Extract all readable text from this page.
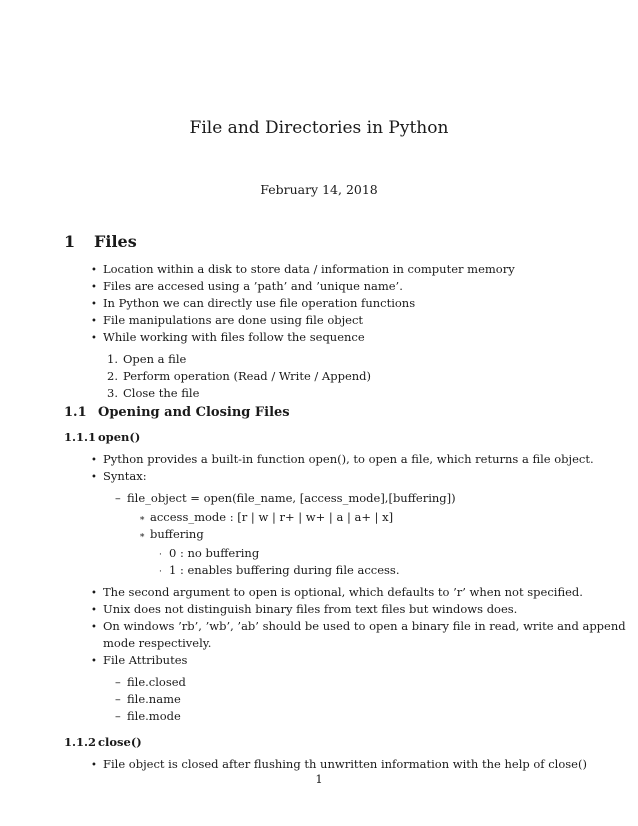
File and Directories in Python
February 14, 2018
1 Files
• Location within a disk to store data / information in computer memory
• Files are accesed using a ’path’ and ’unique name’.
• In Python we can directly use file operation functions
• File manipulations are done using file object
• While working with files follow the sequence
1. Open a file
2. Perform operation (Read / Write / Append)
3. Close the file
1.1 Opening and Closing Files
1.1.1 open()
• Python provides a built-in function open(), to open a file, which returns a file object.
• Syntax:
– file_object = open(file_name, [access_mode],[buffering])
∗ access_mode : [r | w | r+ | w+ | a | a+ | x]
∗ buffering
· 0 : no buffering
· 1 : enables buffering during file access.
• The second argument to open is optional, which defaults to ’r’ when not specified.
• Unix does not distinguish binary files from text files but windows does.
• On windows ’rb’, ’wb’, ’ab’ should be used to open a binary file in read, write and append
mode respectively.
• File Attributes
– file.closed
– file.name
– file.mode
1.1.2 close()
• File object is closed after flushing th unwritten information with the help of close()
1
